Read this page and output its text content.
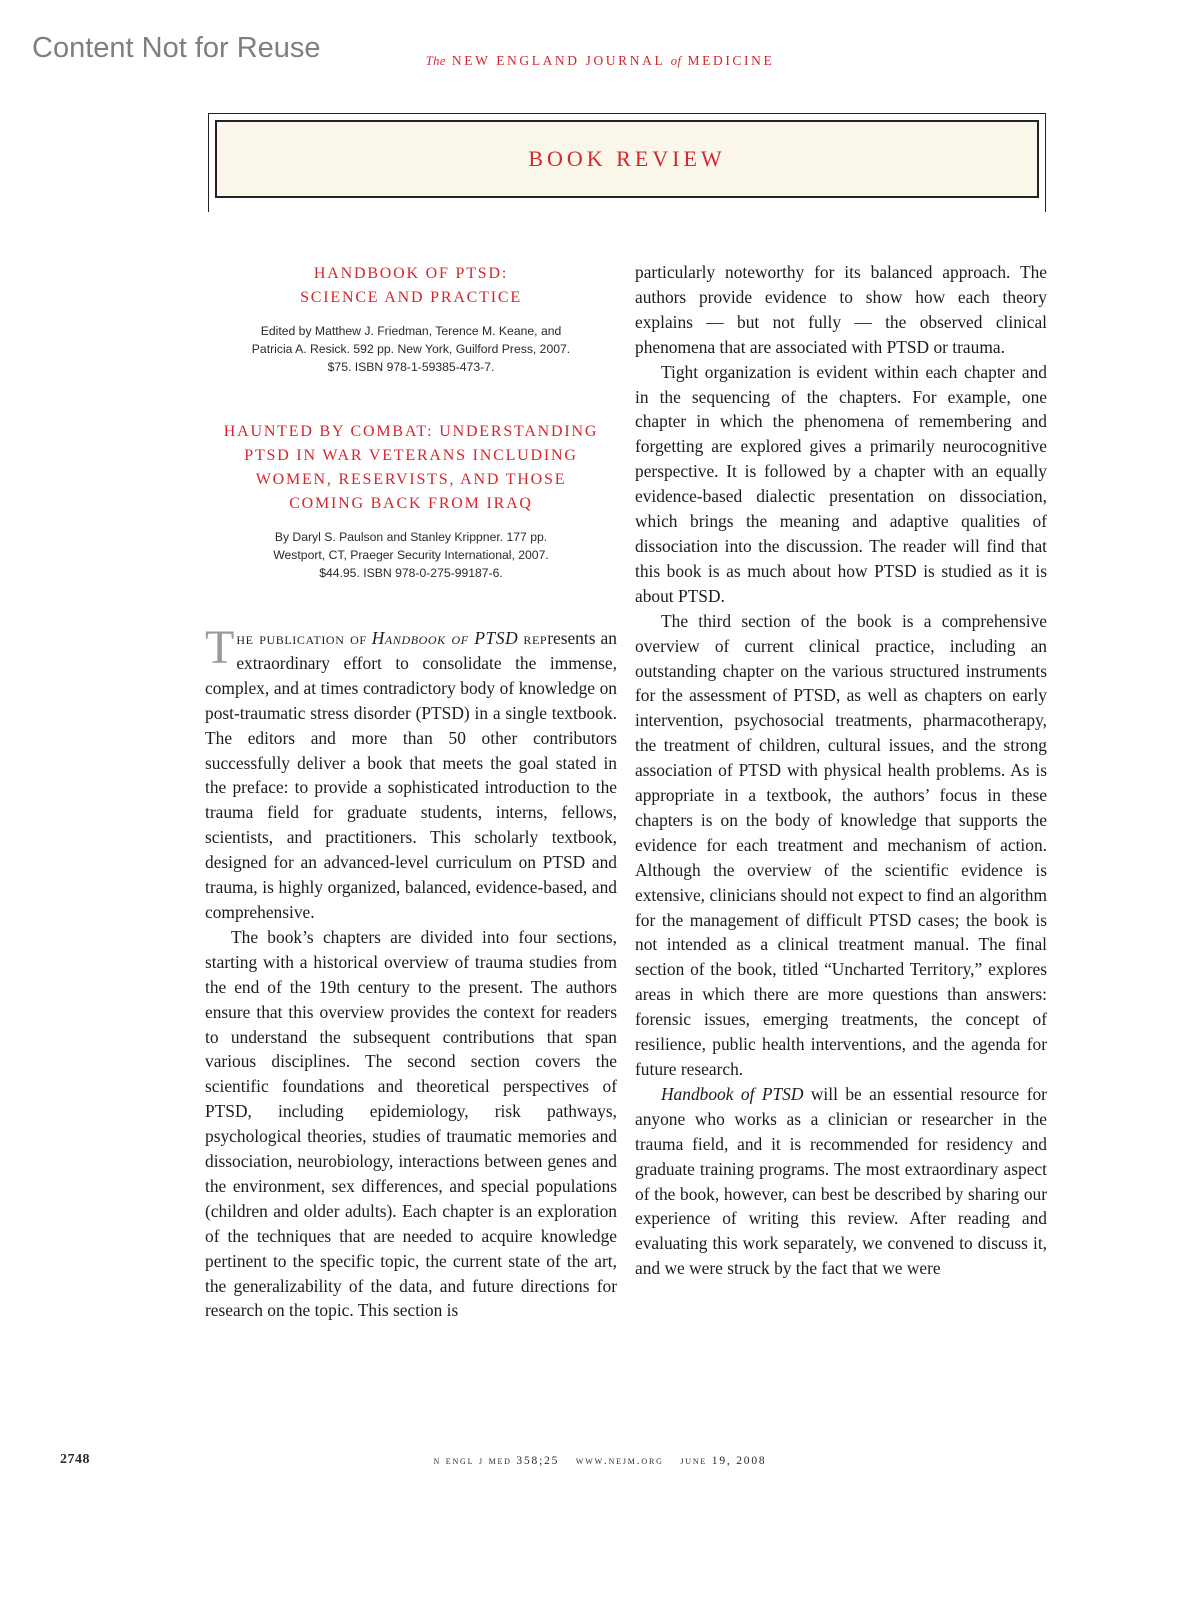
Content Not for Reuse	The NEW ENGLAND JOURNAL of MEDICINE
BOOK REVIEW
HANDBOOK OF PTSD:
SCIENCE AND PRACTICE
Edited by Matthew J. Friedman, Terence M. Keane, and
Patricia A. Resick. 592 pp. New York, Guilford Press, 2007.
$75. ISBN 978-1-59385-473-7.
HAUNTED BY COMBAT: UNDERSTANDING
PTSD IN WAR VETERANS INCLUDING
WOMEN, RESERVISTS, AND THOSE
COMING BACK FROM IRAQ
By Daryl S. Paulson and Stanley Krippner. 177 pp.
Westport, CT, Praeger Security International, 2007.
$44.95. ISBN 978-0-275-99187-6.

The publication of Handbook of PTSD represents an extraordinary effort to consolidate the immense, complex, and at times contradictory body of knowledge on post-traumatic stress disorder (PTSD) in a single textbook. The editors and more than 50 other contributors successfully deliver a book that meets the goal stated in the preface: to provide a sophisticated introduction to the trauma field for graduate students, interns, fellows, scientists, and practitioners. This scholarly textbook, designed for an advanced-level curriculum on PTSD and trauma, is highly organized, balanced, evidence-based, and comprehensive.

The book’s chapters are divided into four sections, starting with a historical overview of trauma studies from the end of the 19th century to the present. The authors ensure that this overview provides the context for readers to understand the subsequent contributions that span various disciplines. The second section covers the scientific foundations and theoretical perspectives of PTSD, including epidemiology, risk pathways, psychological theories, studies of traumatic memories and dissociation, neurobiology, interactions between genes and the environment, sex differences, and special populations (children and older adults). Each chapter is an exploration of the techniques that are needed to acquire knowledge pertinent to the specific topic, the current state of the art, the generalizability of the data, and future directions for research on the topic. This section is

particularly noteworthy for its balanced approach. The authors provide evidence to show how each theory explains — but not fully — the observed clinical phenomena that are associated with PTSD or trauma.

Tight organization is evident within each chapter and in the sequencing of the chapters. For example, one chapter in which the phenomena of remembering and forgetting are explored gives a primarily neurocognitive perspective. It is followed by a chapter with an equally evidence-based dialectic presentation on dissociation, which brings the meaning and adaptive qualities of dissociation into the discussion. The reader will find that this book is as much about how PTSD is studied as it is about PTSD.

The third section of the book is a comprehensive overview of current clinical practice, including an outstanding chapter on the various structured instruments for the assessment of PTSD, as well as chapters on early intervention, psychosocial treatments, pharmacotherapy, the treatment of children, cultural issues, and the strong association of PTSD with physical health problems. As is appropriate in a textbook, the authors’ focus in these chapters is on the body of knowledge that supports the evidence for each treatment and mechanism of action. Although the overview of the scientific evidence is extensive, clinicians should not expect to find an algorithm for the management of difficult PTSD cases; the book is not intended as a clinical treatment manual. The final section of the book, titled “Uncharted Territory,” explores areas in which there are more questions than answers: forensic issues, emerging treatments, the concept of resilience, public health interventions, and the agenda for future research.

Handbook of PTSD will be an essential resource for anyone who works as a clinician or researcher in the trauma field, and it is recommended for residency and graduate training programs. The most extraordinary aspect of the book, however, can best be described by sharing our experience of writing this review. After reading and evaluating this work separately, we convened to discuss it, and we were struck by the fact that we were

2748	n engl j med 358;25 www.nejm.org june 19, 2008
